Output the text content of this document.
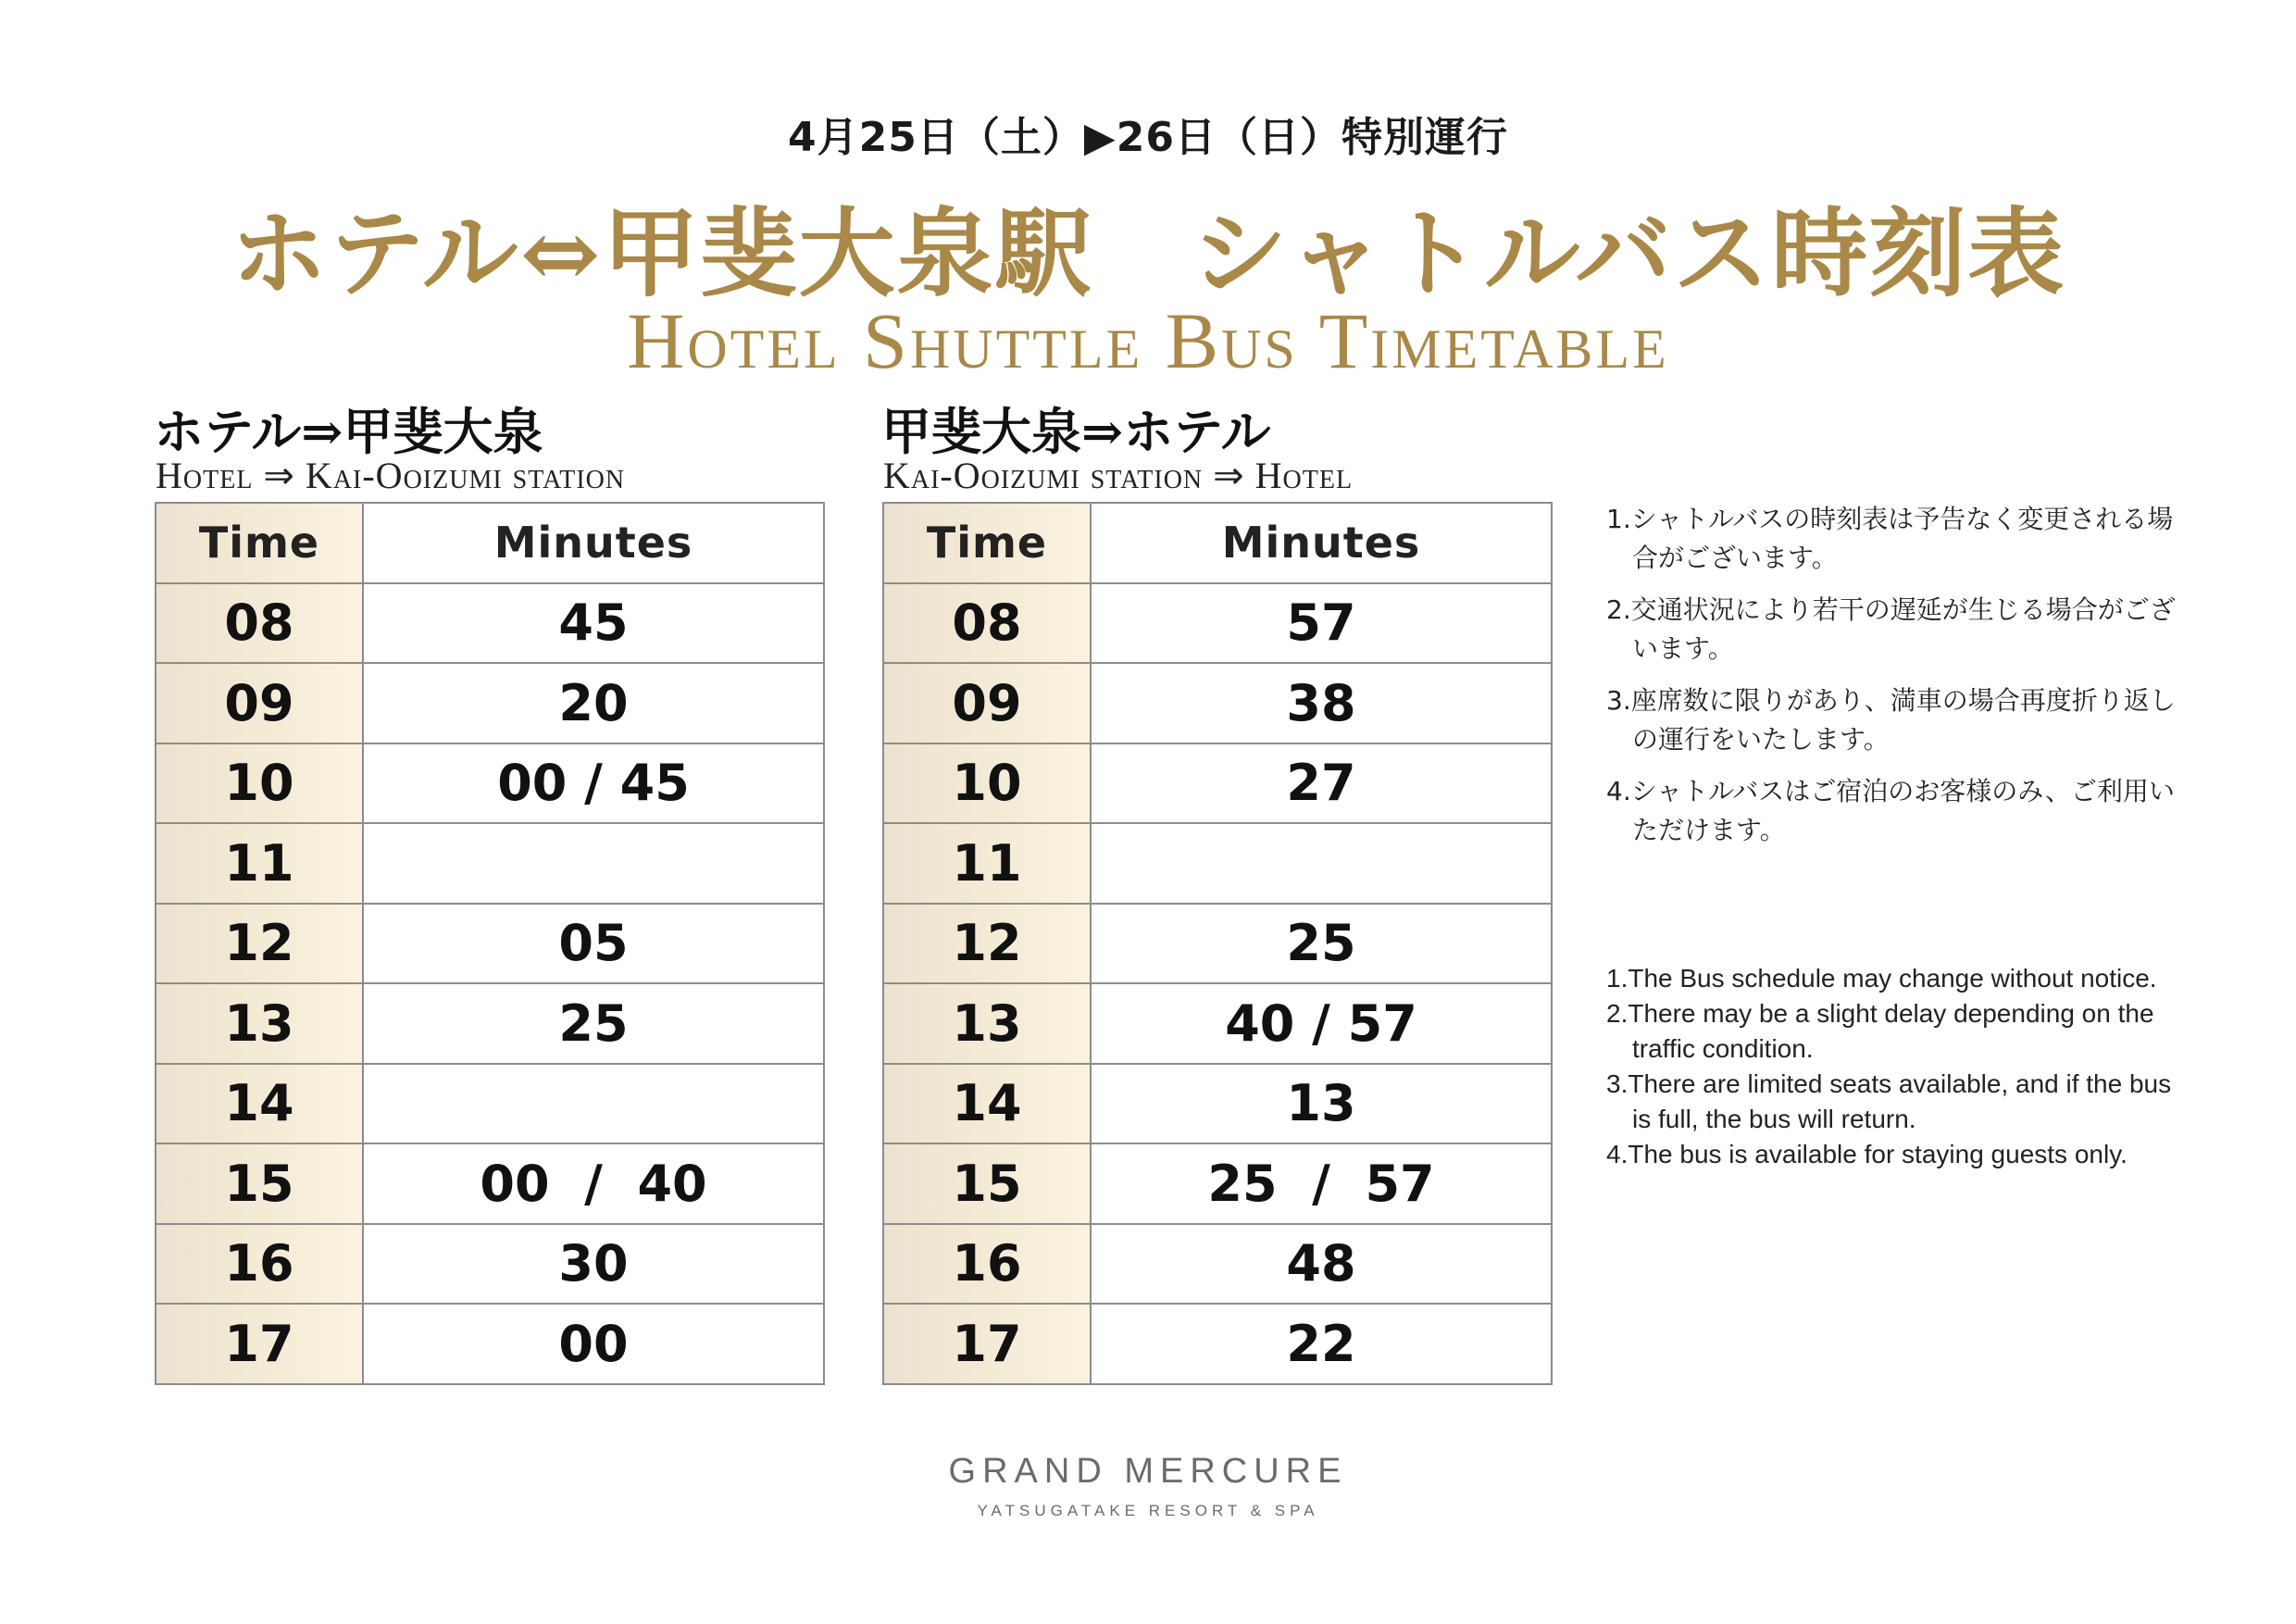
4月25日（土）▶26日（日）特別運行
ホテル⇔甲斐大泉駅　シャトルバス時刻表
Hotel Shuttle Bus Timetable
ホテル⇒甲斐大泉
Hotel ⇒ Kai-Ooizumi station
甲斐大泉⇒ホテル
Kai-Ooizumi station ⇒ Hotel
Time	Minutes
08	45
09	20
10	00 / 45
11	
12	05
13	25
14	
15	00  /  40
16	30
17	00
Time	Minutes
08	57
09	38
10	27
11	
12	25
13	40 / 57
14	13
15	25  /  57
16	48
17	22
1.シャトルバスの時刻表は予告なく変更される場合がございます。
2.交通状況により若干の遅延が生じる場合がございます。
3.座席数に限りがあり、満車の場合再度折り返しの運行をいたします。
4.シャトルバスはご宿泊のお客様のみ、ご利用いただけます。
1.The Bus schedule may change without notice.
2.There may be a slight delay depending on the traffic condition.
3.There are limited seats available, and if the bus is full, the bus will return.
4.The bus is available for staying guests only.
GRAND MERCURE
YATSUGATAKE RESORT & SPA
